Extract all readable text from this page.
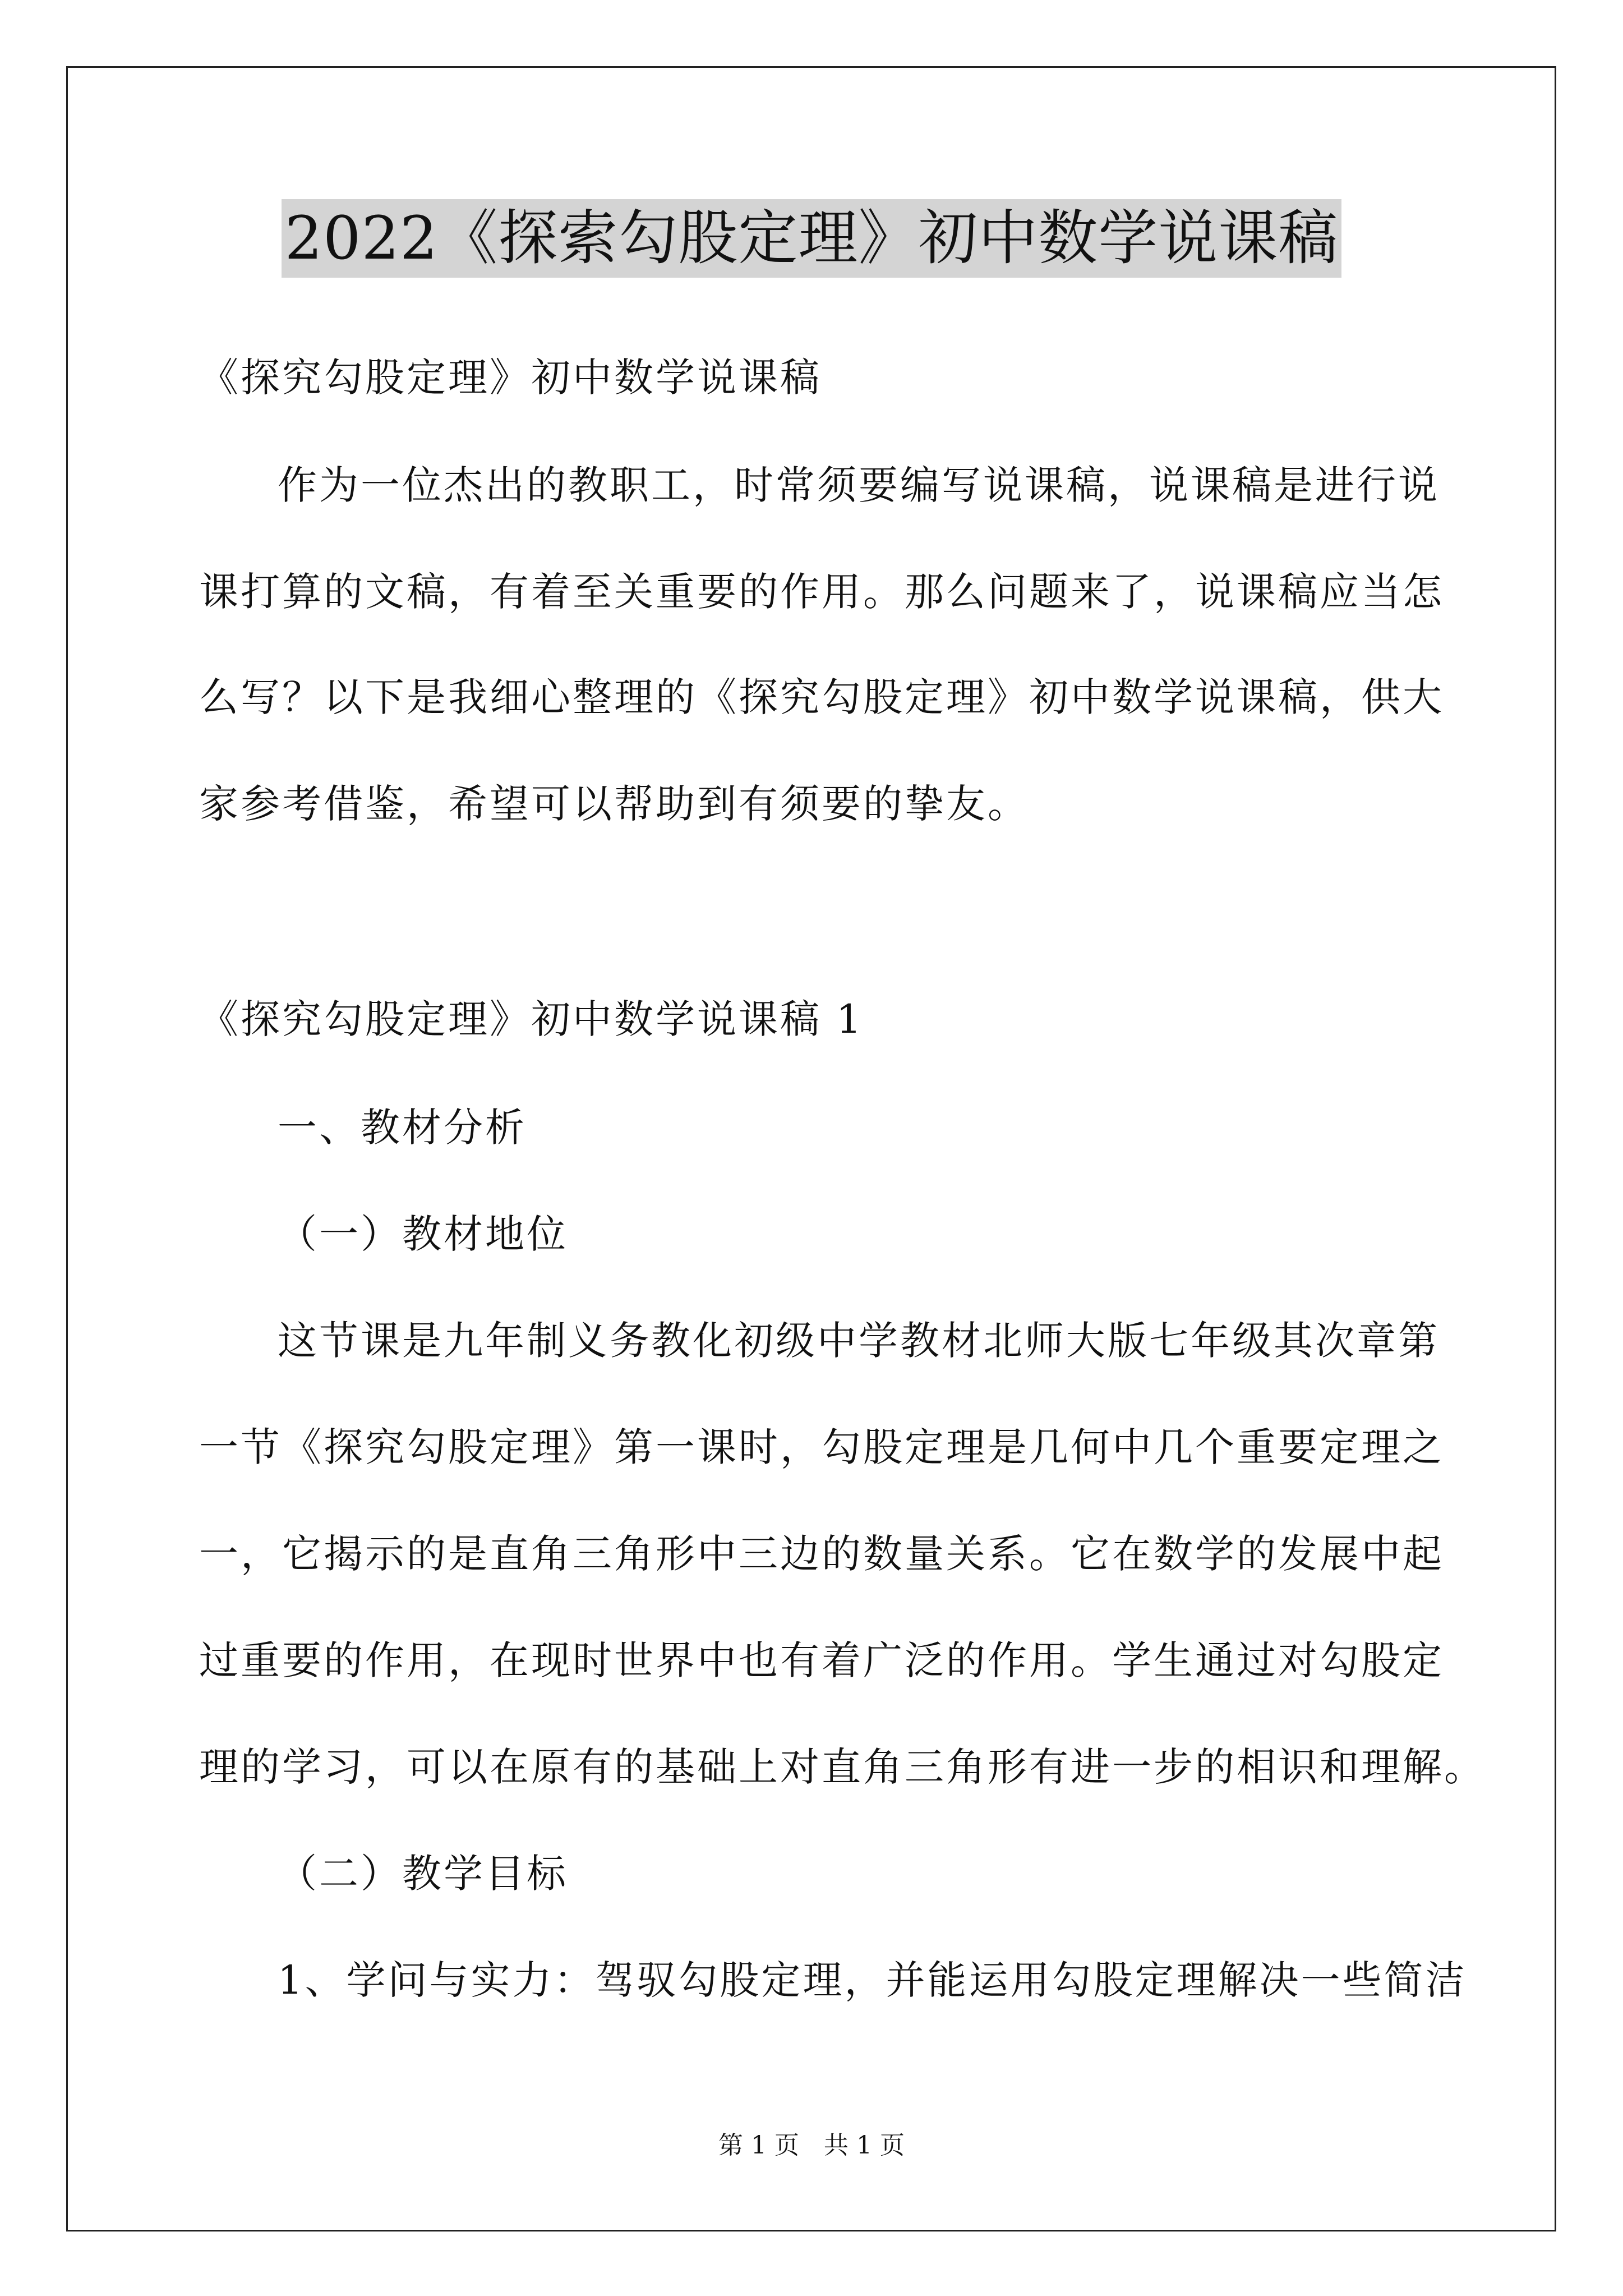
2022《探索勾股定理》初中数学说课稿
《探究勾股定理》初中数学说课稿
作为一位杰出的教职工，时常须要编写说课稿，说课稿是进行说
课打算的文稿，有着至关重要的作用。那么问题来了，说课稿应当怎
么写？以下是我细心整理的《探究勾股定理》初中数学说课稿，供大
家参考借鉴，希望可以帮助到有须要的挚友。
《探究勾股定理》初中数学说课稿 1
一、教材分析
（一）教材地位
这节课是九年制义务教化初级中学教材北师大版七年级其次章第
一节《探究勾股定理》第一课时，勾股定理是几何中几个重要定理之
一，它揭示的是直角三角形中三边的数量关系。它在数学的发展中起
过重要的作用，在现时世界中也有着广泛的作用。学生通过对勾股定
理的学习，可以在原有的基础上对直角三角形有进一步的相识和理解。
（二）教学目标
1、学问与实力：驾驭勾股定理，并能运用勾股定理解决一些简洁
第 1 页　共 1 页
